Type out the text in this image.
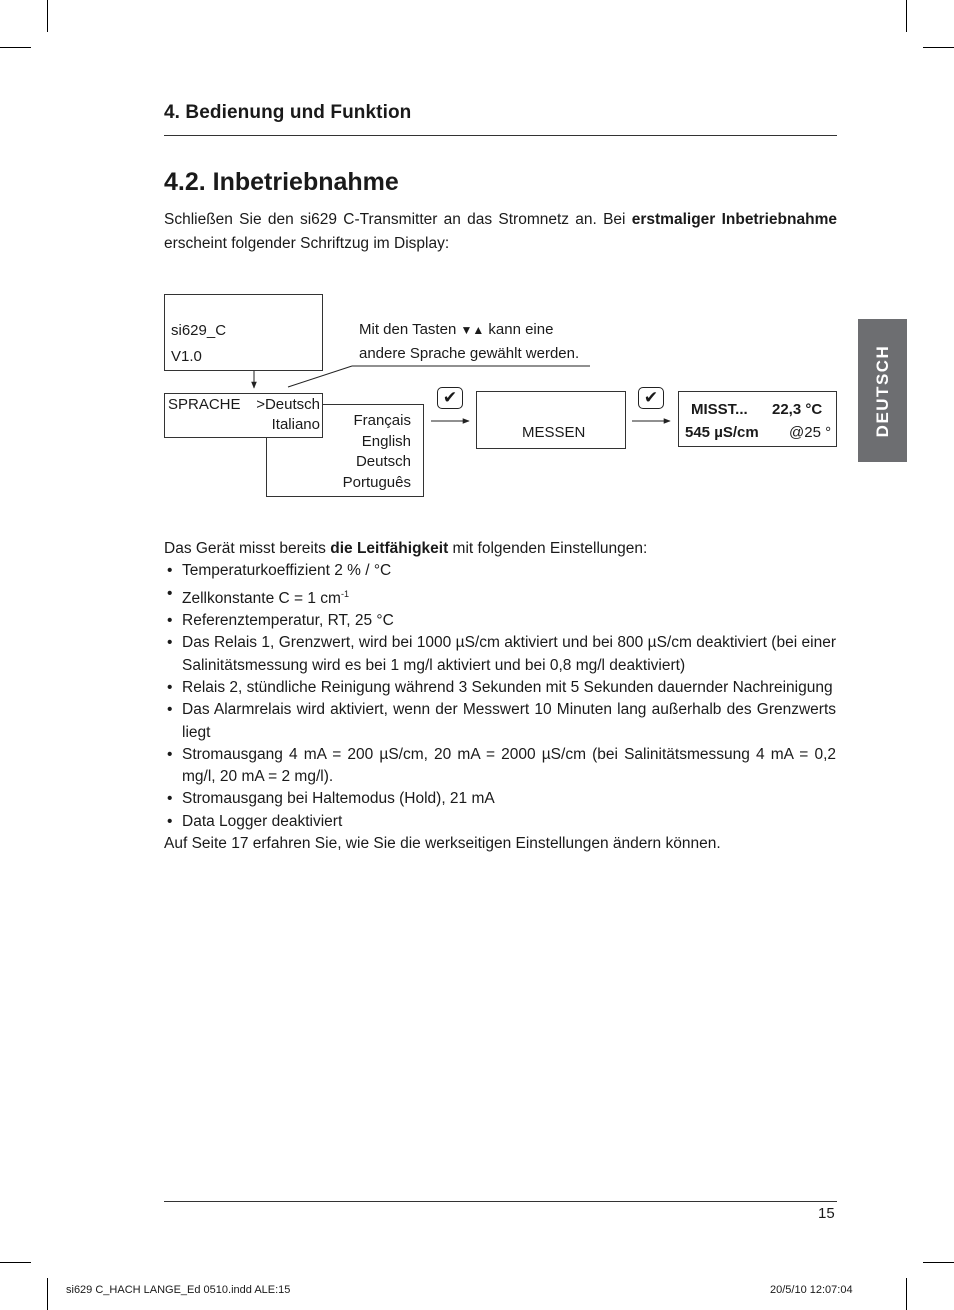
4. Bedienung und Funktion
4.2. Inbetriebnahme
Schließen Sie den si629 C-Transmitter an das Stromnetz an. Bei erstmaliger Inbetriebnahme erscheint folgender Schriftzug im Display:
si629_C
V1.0
Mit den Tasten ▼▲ kann eine
andere Sprache gewählt werden.
Français
English
Deutsch
Português
SPRACHE >Deutsch
Italiano
✔	✔
MESSEN
MISST... 22,3 °C
545 µS/cm @25 ° DEUTSCH

Das Gerät misst bereits die Leitfähigkeit mit folgenden Einstellungen:

• Temperaturkoeffizient 2 % / °C
• Zellkonstante C = 1 $cm^{-1}$
• Referenztemperatur, RT, 25 °C
• Das Relais 1, Grenzwert, wird bei 1000 µS/cm aktiviert und bei 800 µS/cm deaktiviert (bei einer Salinitätsmessung wird es bei 1 mg/l aktiviert und bei 0,8 mg/l deaktiviert)
• Relais 2, stündliche Reinigung während 3 Sekunden mit 5 Sekunden dauernder Nachreinigung
• Das Alarmrelais wird aktiviert, wenn der Messwert 10 Minuten lang außerhalb des Grenzwerts liegt
• Stromausgang 4 mA = 200 µS/cm, 20 mA = 2000 µS/cm (bei Salinitätsmessung 4 mA = 0,2 mg/l, 20 mA = 2 mg/l).
• Stromausgang bei Haltemodus (Hold), 21 mA
• Data Logger deaktiviert

Auf Seite 17 erfahren Sie, wie Sie die werkseitigen Einstellungen ändern können.

15
si629 C_HACH LANGE_Ed 0510.indd ALE:15	20/5/10 12:07:04
